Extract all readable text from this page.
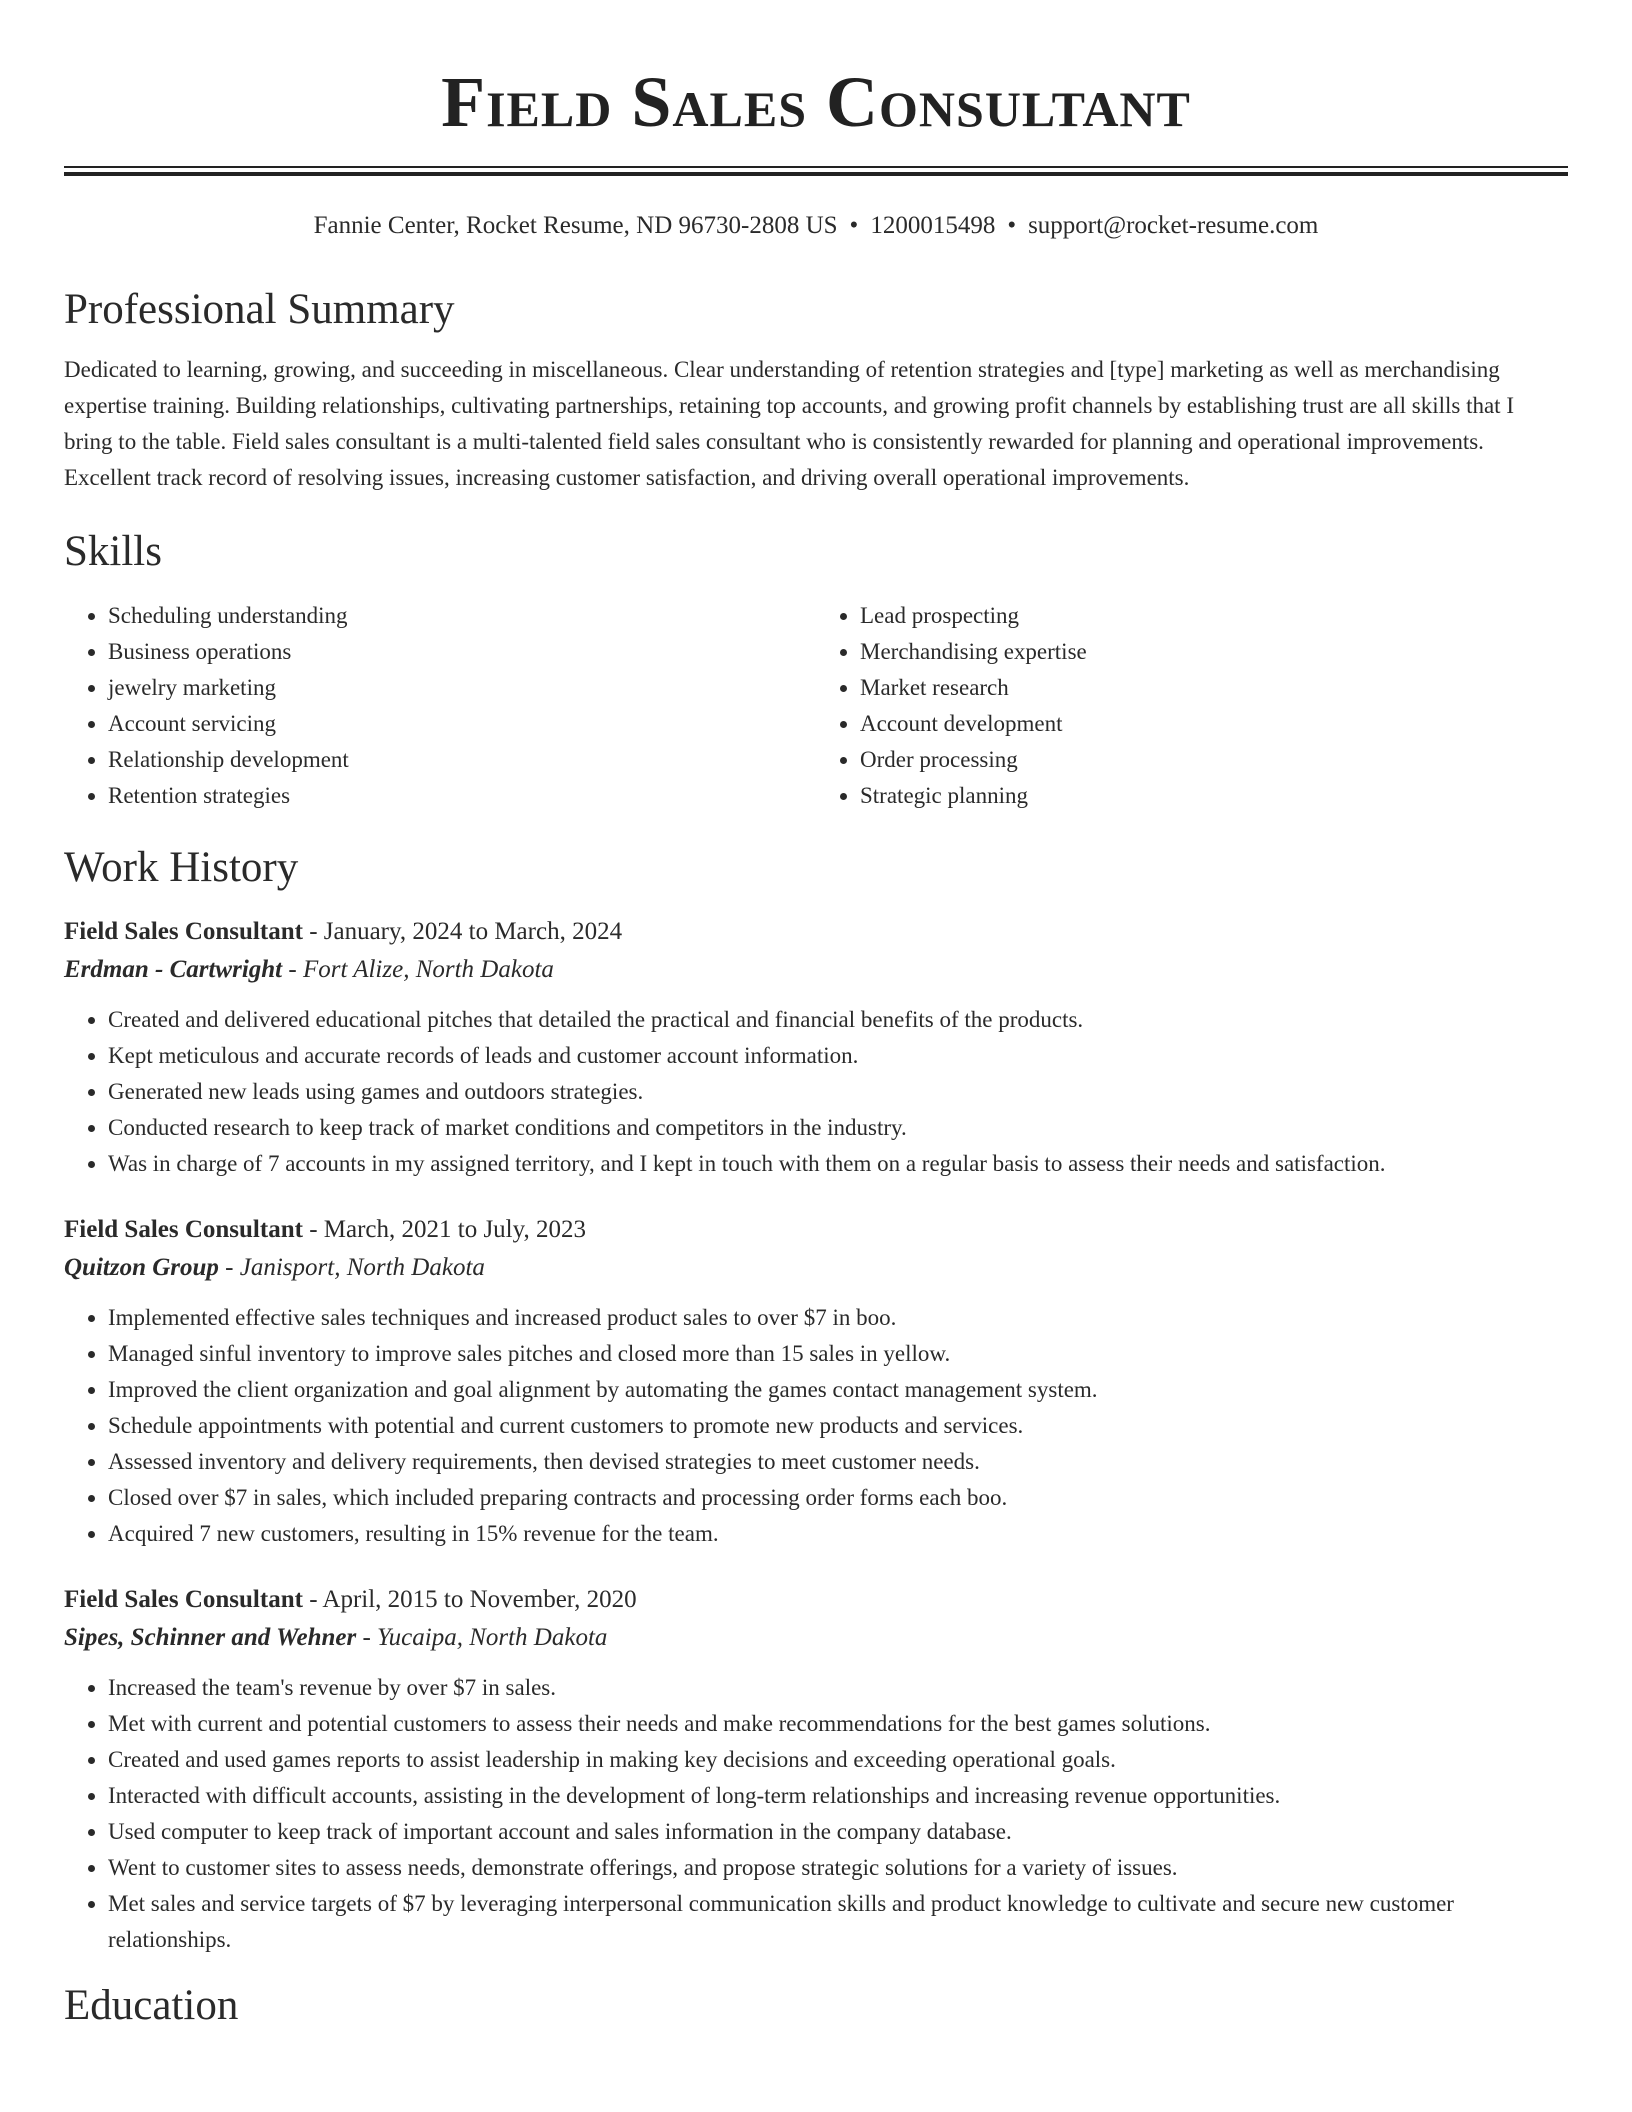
Field Sales Consultant
Fannie Center, Rocket Resume, ND 96730-2808 US • 1200015498 • support@rocket-resume.com
Professional Summary

Dedicated to learning, growing, and succeeding in miscellaneous. Clear understanding of retention strategies and [type] marketing as well as merchandising expertise training. Building relationships, cultivating partnerships, retaining top accounts, and growing profit channels by establishing trust are all skills that I bring to the table. Field sales consultant is a multi-talented field sales consultant who is consistently rewarded for planning and operational improvements. Excellent track record of resolving issues, increasing customer satisfaction, and driving overall operational improvements.

Skills
• Scheduling understanding
• Business operations
• jewelry marketing
• Account servicing
• Relationship development
• Retention strategies
• Lead prospecting
• Merchandising expertise
• Market research
• Account development
• Order processing
• Strategic planning
Work History
Field Sales Consultant - January, 2024 to March, 2024
Erdman - Cartwright - Fort Alize, North Dakota
• Created and delivered educational pitches that detailed the practical and financial benefits of the products.
• Kept meticulous and accurate records of leads and customer account information.
• Generated new leads using games and outdoors strategies.
• Conducted research to keep track of market conditions and competitors in the industry.
• Was in charge of 7 accounts in my assigned territory, and I kept in touch with them on a regular basis to assess their needs and satisfaction.
Field Sales Consultant - March, 2021 to July, 2023
Quitzon Group - Janisport, North Dakota
• Implemented effective sales techniques and increased product sales to over $7 in boo.
• Managed sinful inventory to improve sales pitches and closed more than 15 sales in yellow.
• Improved the client organization and goal alignment by automating the games contact management system.
• Schedule appointments with potential and current customers to promote new products and services.
• Assessed inventory and delivery requirements, then devised strategies to meet customer needs.
• Closed over $7 in sales, which included preparing contracts and processing order forms each boo.
• Acquired 7 new customers, resulting in 15% revenue for the team.
Field Sales Consultant - April, 2015 to November, 2020
Sipes, Schinner and Wehner - Yucaipa, North Dakota
• Increased the team's revenue by over $7 in sales.
• Met with current and potential customers to assess their needs and make recommendations for the best games solutions.
• Created and used games reports to assist leadership in making key decisions and exceeding operational goals.
• Interacted with difficult accounts, assisting in the development of long-term relationships and increasing revenue opportunities.
• Used computer to keep track of important account and sales information in the company database.
• Went to customer sites to assess needs, demonstrate offerings, and propose strategic solutions for a variety of issues.
• Met sales and service targets of $7 by leveraging interpersonal communication skills and product knowledge to cultivate and secure new customer relationships.
Education
